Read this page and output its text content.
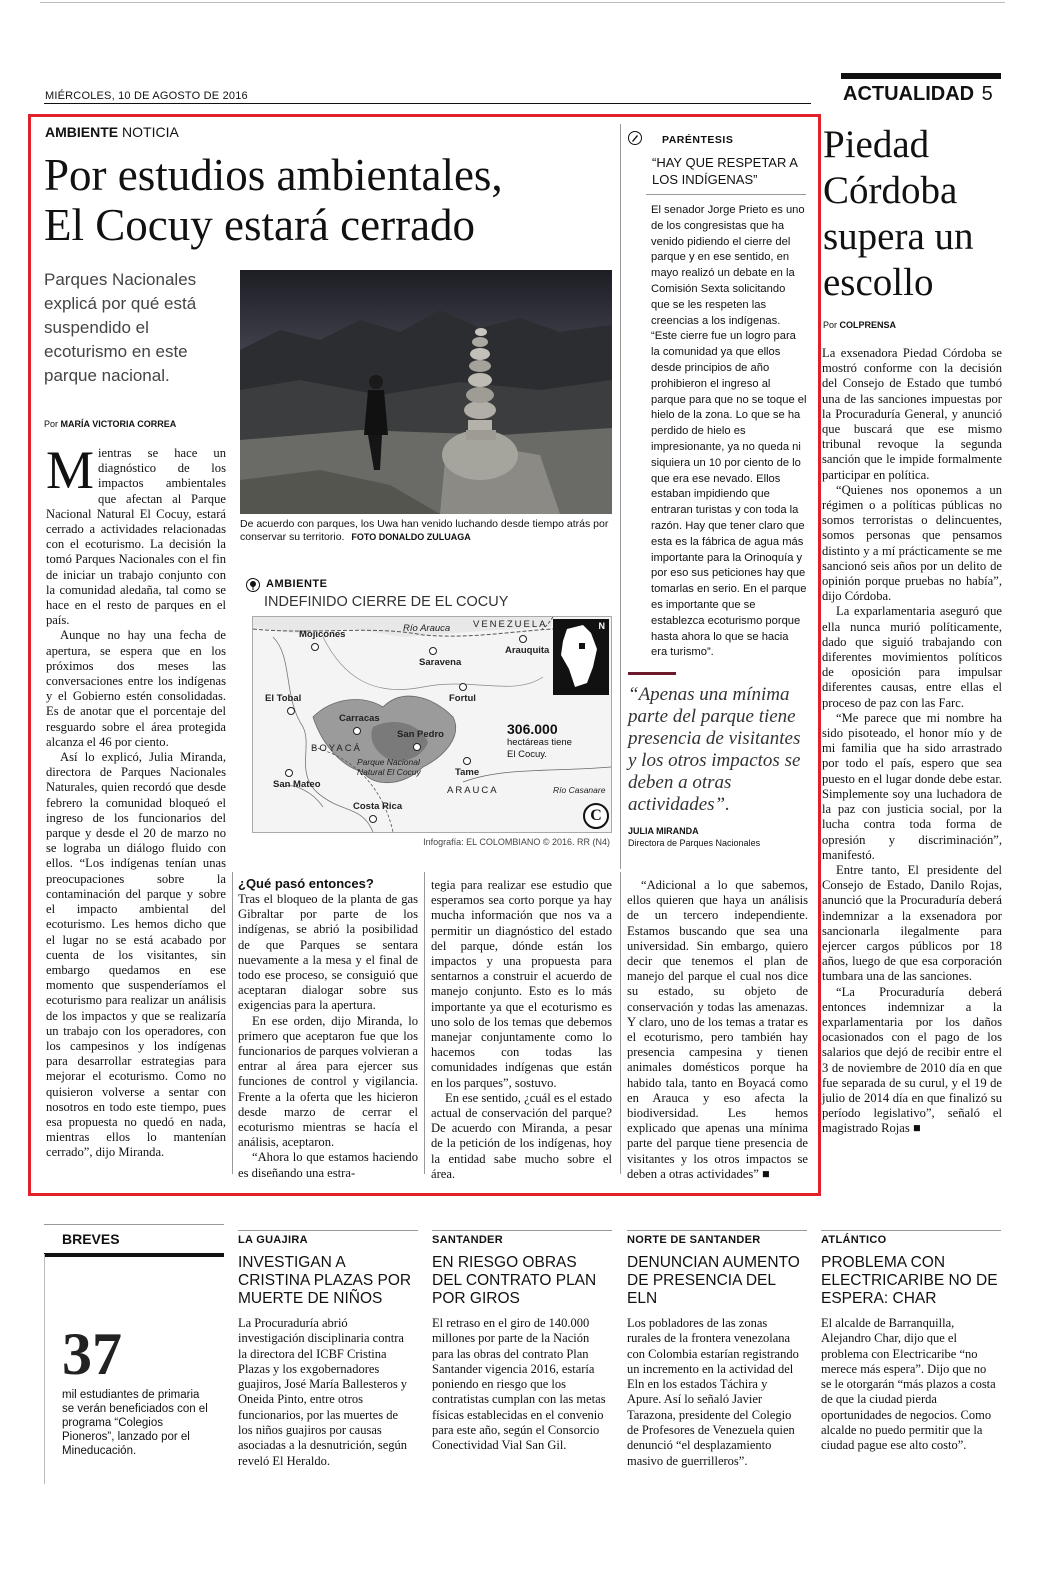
MIÉRCOLES, 10 DE AGOSTO DE 2016	ACTUALIDAD 5
AMBIENTE NOTICIA
Por estudios ambientales,
El Cocuy estará cerrado
Parques Nacionales explicá por qué está suspendido el ecoturismo en este parque nacional.
Por MARÍA VICTORIA CORREA
De acuerdo con parques, los Uwa han venido luchando desde tiempo atrás por conservar su territorio. FOTO DONALDO ZULUAGA
AMBIENTE
INDEFINIDO CIERRE DE EL COCUY
VENEZUELA
Río Arauca
Mojicones
Saravena
Arauquita
Fortul
El Tobal
Carracas
San Pedro
BOYACÁ
Parque Nacional Natural El Cocuy	Tame
San Mateo
ARAUCA	Río Casanare
Costa Rica
306.000
hectáreas tiene El Cocuy.
N
C
Infografía: EL COLOMBIANO © 2016. RR (N4)

Mientras se hace un diagnóstico de los impactos ambientales que afectan al Parque Nacional Natural El Cocuy, estará cerrado a actividades relacionadas con el ecoturismo. La decisión la tomó Parques Nacionales con el fin de iniciar un trabajo conjunto con la comunidad aledaña, tal como se hace en el resto de parques en el país.

Aunque no hay una fecha de apertura, se espera que en los próximos dos meses las conversaciones entre los indígenas y el Gobierno estén consolidadas. Es de anotar que el porcentaje del resguardo sobre el área protegida alcanza el 46 por ciento.

Así lo explicó, Julia Miranda, directora de Parques Nacionales Naturales, quien recordó que desde febrero la comunidad bloqueó el ingreso de los funcionarios del parque y desde el 20 de marzo no se lograba un diálogo fluido con ellos. “Los indígenas tenían unas preocupaciones sobre la contaminación del parque y sobre el impacto ambiental del ecoturismo. Les hemos dicho que el lugar no se está acabado por cuenta de los visitantes, sin embargo quedamos en ese momento que suspenderíamos el ecoturismo para realizar un análisis de los impactos y que se realizaría un trabajo con los operadores, con los campesinos y los indígenas para desarrollar estrategias para mejorar el ecoturismo. Como no quisieron volverse a sentar con nosotros en todo este tiempo, pues esa propuesta no quedó en nada, mientras ellos lo mantenían cerrado”, dijo Miranda.

¿Qué pasó entonces?

Tras el bloqueo de la planta de gas Gibraltar por parte de los indígenas, se abrió la posibilidad de que Parques se sentara nuevamente a la mesa y el final de todo ese proceso, se consiguió que aceptaran dialogar sobre sus exigencias para la apertura.

En ese orden, dijo Miranda, lo primero que aceptaron fue que los funcionarios de parques volvieran a entrar al área para ejercer sus funciones de control y vigilancia. Frente a la oferta que les hicieron desde marzo de cerrar el ecoturismo mientras se hacía el análisis, aceptaron.

“Ahora lo que estamos haciendo es diseñando una estra-

tegia para realizar ese estudio que esperamos sea corto porque ya hay mucha información que nos va a permitir un diagnóstico del estado del parque, dónde están los impactos y una propuesta para sentarnos a construir el acuerdo de manejo conjunto. Esto es lo más importante ya que el ecoturismo es uno solo de los temas que debemos manejar conjuntamente como lo hacemos con todas las comunidades indígenas que están en los parques”, sostuvo.

En ese sentido, ¿cuál es el estado actual de conservación del parque? De acuerdo con Miranda, a pesar de la petición de los indígenas, hoy la entidad sabe mucho sobre el área.

“Adicional a lo que sabemos, ellos quieren que haya un análisis de un tercero independiente. Estamos buscando que sea una universidad. Sin embargo, quiero decir que tenemos el plan de manejo del parque el cual nos dice su estado, su objeto de conservación y todas las amenazas. Y claro, uno de los temas a tratar es el ecoturismo, pero también hay presencia campesina y tienen animales domésticos porque ha habido tala, tanto en Boyacá como en Arauca y eso afecta la biodiversidad. Les hemos explicado que apenas una mínima parte del parque tiene presencia de visitantes y los otros impactos se deben a otras actividades” ■

PARÉNTESIS
“HAY QUE RESPETAR A LOS INDÍGENAS”
El senador Jorge Prieto es uno de los congresistas que ha venido pidiendo el cierre del parque y en ese sentido, en mayo realizó un debate en la Comisión Sexta solicitando que se les respeten las creencias a los indígenas. “Este cierre fue un logro para la comunidad ya que ellos desde principios de año prohibieron el ingreso al parque para que no se toque el hielo de la zona. Lo que se ha perdido de hielo es impresionante, ya no queda ni siquiera un 10 por ciento de lo que era ese nevado. Ellos estaban impidiendo que entraran turistas y con toda la razón. Hay que tener claro que esta es la fábrica de agua más importante para la Orinoquía y por eso sus peticiones hay que tomarlas en serio. En el parque es importante que se establezca ecoturismo porque hasta ahora lo que se hacia era turismo”.
“Apenas una mínima parte del parque tiene presencia de visitantes y los otros impactos se deben a otras actividades”.
JULIA MIRANDA
Directora de Parques Nacionales
Piedad Córdoba supera un escollo
Por COLPRENSA

La exsenadora Piedad Córdoba se mostró conforme con la decisión del Consejo de Estado que tumbó una de las sanciones impuestas por la Procuraduría General, y anunció que buscará que ese mismo tribunal revoque la segunda sanción que le impide formalmente participar en política.

“Quienes nos oponemos a un régimen o a políticas públicas no somos terroristas o delincuentes, somos personas que pensamos distinto y a mí prácticamente se me sancionó seis años por un delito de opinión porque pruebas no había”, dijo Córdoba.

La exparlamentaria aseguró que ella nunca murió políticamente, dado que siguió trabajando con diferentes movimientos políticos de oposición para impulsar diferentes causas, entre ellas el proceso de paz con las Farc.

“Me parece que mi nombre ha sido pisoteado, el honor mío y de mi familia que ha sido arrastrado por todo el país, espero que sea puesto en el lugar donde debe estar. Simplemente soy una luchadora de la paz con justicia social, por la lucha contra toda forma de opresión y discriminación”, manifestó.

Entre tanto, El presidente del Consejo de Estado, Danilo Rojas, anunció que la Procuraduría deberá indemnizar a la exsenadora por sancionarla ilegalmente para ejercer cargos públicos por 18 años, luego de que esa corporación tumbara una de las sanciones.

“La Procuraduría deberá entonces indemnizar a la exparlamentaria por los daños ocasionados con el pago de los salarios que dejó de recibir entre el 3 de noviembre de 2010 día en que fue separada de su curul, y el 19 de julio de 2014 día en que finalizó su período legislativo”, señaló el magistrado Rojas ■

BREVES
37
mil estudiantes de primaria se verán beneficiados con el programa “Colegios Pioneros”, lanzado por el Mineducación.
LA GUAJIRA
INVESTIGAN A CRISTINA PLAZAS POR MUERTE DE NIÑOS
La Procuraduría abrió investigación disciplinaria contra la directora del ICBF Cristina Plazas y los exgobernadores guajiros, José María Ballesteros y Oneida Pinto, entre otros funcionarios, por las muertes de los niños guajiros por causas asociadas a la desnutrición, según reveló El Heraldo.
SANTANDER
EN RIESGO OBRAS DEL CONTRATO PLAN POR GIROS
El retraso en el giro de 140.000 millones por parte de la Nación para las obras del contrato Plan Santander vigencia 2016, estaría poniendo en riesgo que los contratistas cumplan con las metas físicas establecidas en el convenio para este año, según el Consorcio Conectividad Vial San Gil.
NORTE DE SANTANDER
DENUNCIAN AUMENTO DE PRESENCIA DEL ELN
Los pobladores de las zonas rurales de la frontera venezolana con Colombia estarían registrando un incremento en la actividad del Eln en los estados Táchira y Apure. Así lo señaló Javier Tarazona, presidente del Colegio de Profesores de Venezuela quien denunció “el desplazamiento masivo de guerrilleros”.
ATLÁNTICO
PROBLEMA CON ELECTRICARIBE NO DE ESPERA: CHAR
El alcalde de Barranquilla, Alejandro Char, dijo que el problema con Electricaribe “no merece más espera”. Dijo que no se le otorgarán “más plazos a costa de que la ciudad pierda oportunidades de negocios. Como alcalde no puedo permitir que la ciudad pague ese alto costo”.
